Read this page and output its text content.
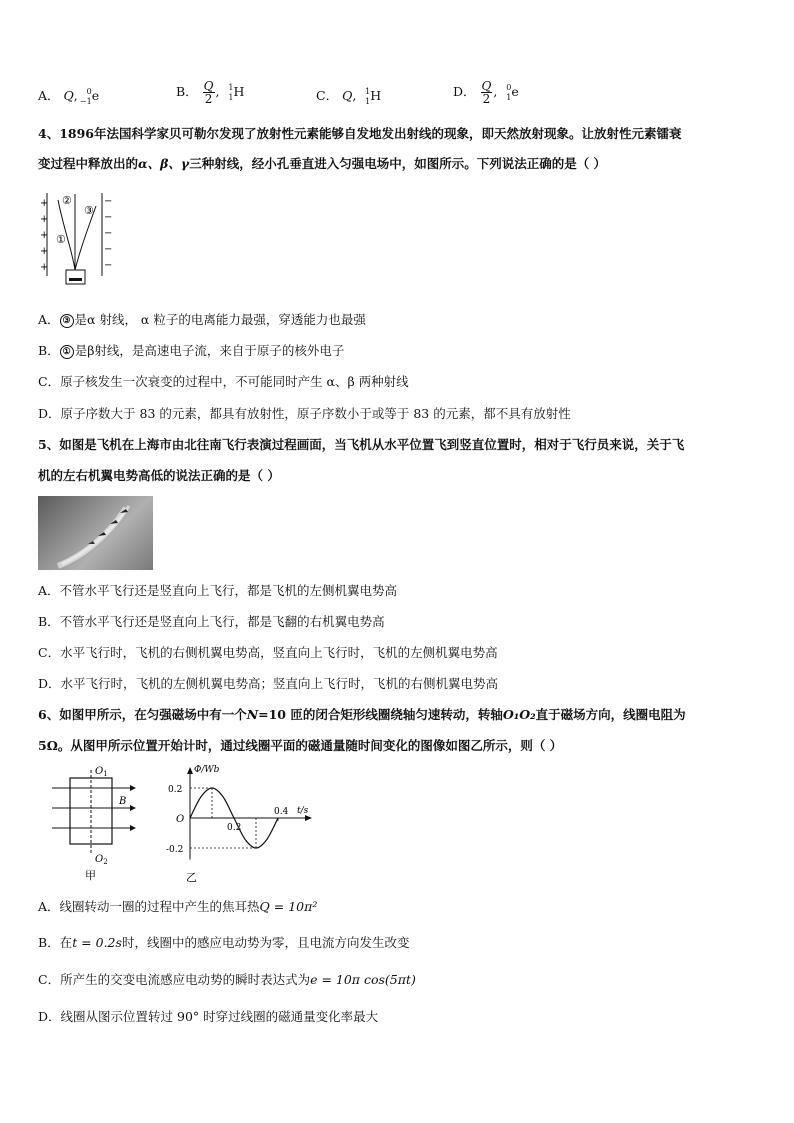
A． Q, 0
−1 e	B． $\frac{Q}{2}$ , 1
1 H	C． Q, 1
1 H	D． $\frac{Q}{2}$ , 0
1 e
4、1896年法国科学家贝可勒尔发现了放射性元素能够自发地发出射线的现象，即天然放射现象。让放射性元素镭衰
变过程中释放出的α、β、γ三种射线，经小孔垂直进入匀强电场中，如图所示。下列说法正确的是（ ）
+
+
+
+
+
−
−
−
−
−
①
②
③
A． ③ 是α 射线， α 粒子的电离能力最强，穿透能力也最强
B． ① 是β射线，是高速电子流，来自于原子的核外电子
C．原子核发生一次衰变的过程中，不可能同时产生 α、β 两种射线
D．原子序数大于 83 的元素，都具有放射性，原子序数小于或等于 83 的元素，都不具有放射性
5、如图是飞机在上海市由北往南飞行表演过程画面，当飞机从水平位置飞到竖直位置时，相对于飞行员来说，关于飞
机的左右机翼电势高低的说法正确的是（ ）
A．不管水平飞行还是竖直向上飞行，都是飞机的左侧机翼电势高
B．不管水平飞行还是竖直向上飞行，都是飞翻的右机翼电势高
C．水平飞行时，飞机的右侧机翼电势高，竖直向上飞行时，飞机的左侧机翼电势高
D．水平飞行时，飞机的左侧机翼电势高；竖直向上飞行时，飞机的右侧机翼电势高
6、如图甲所示，在匀强磁场中有一个N=10 匝的闭合矩形线圈绕轴匀速转动，转轴O₁O₂直于磁场方向，线圈电阻为
5Ω。从图甲所示位置开始计时，通过线圈平面的磁通量随时间变化的图像如图乙所示，则（ ）
$O_1$
$O_2$
B
甲
Φ/Wb
t/s
O
0.2
-0.2
0.2
0.4
乙
A．线圈转动一圈的过程中产生的焦耳热Q = 10π²
B．在t = 0.2s时，线圈中的感应电动势为零，且电流方向发生改变
C．所产生的交变电流感应电动势的瞬时表达式为e = 10π cos(5πt)
D．线圈从图示位置转过 90° 时穿过线圈的磁通量变化率最大
